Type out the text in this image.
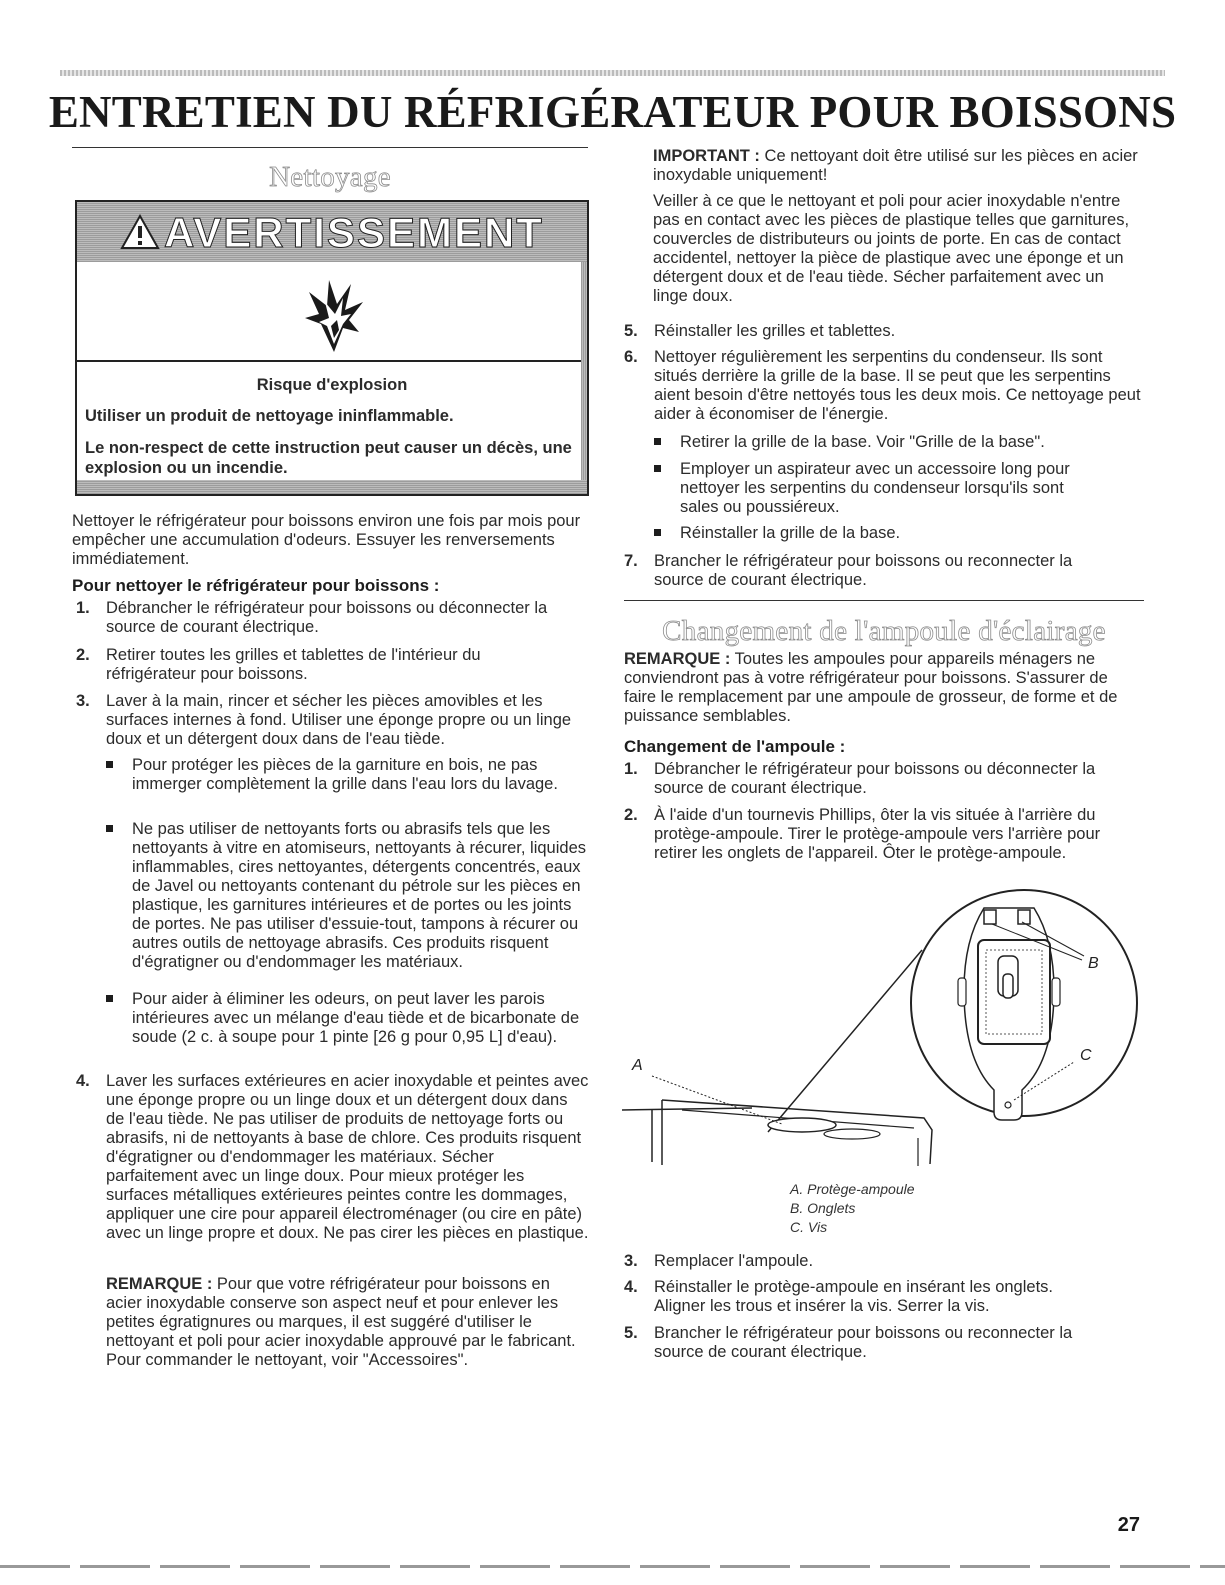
ENTRETIEN DU RÉFRIGÉRATEUR POUR BOISSONS
Nettoyage
AVERTISSEMENT
Risque d'explosion
Utiliser un produit de nettoyage ininflammable.
Le non-respect de cette instruction peut causer un décès, une explosion ou un incendie.
Nettoyer le réfrigérateur pour boissons environ une fois par mois pour empêcher une accumulation d'odeurs. Essuyer les renversements immédiatement.
Pour nettoyer le réfrigérateur pour boissons :
1. Débrancher le réfrigérateur pour boissons ou déconnecter la source de courant électrique.
2. Retirer toutes les grilles et tablettes de l'intérieur du réfrigérateur pour boissons.
3. Laver à la main, rincer et sécher les pièces amovibles et les surfaces internes à fond. Utiliser une éponge propre ou un linge doux et un détergent doux dans de l'eau tiède.
Pour protéger les pièces de la garniture en bois, ne pas immerger complètement la grille dans l'eau lors du lavage.
Ne pas utiliser de nettoyants forts ou abrasifs tels que les nettoyants à vitre en atomiseurs, nettoyants à récurer, liquides inflammables, cires nettoyantes, détergents concentrés, eaux de Javel ou nettoyants contenant du pétrole sur les pièces en plastique, les garnitures intérieures et de portes ou les joints de portes. Ne pas utiliser d'essuie-tout, tampons à récurer ou autres outils de nettoyage abrasifs. Ces produits risquent d'égratigner ou d'endommager les matériaux.
Pour aider à éliminer les odeurs, on peut laver les parois intérieures avec un mélange d'eau tiède et de bicarbonate de soude (2 c. à soupe pour 1 pinte [26 g pour 0,95 L] d'eau).
4. Laver les surfaces extérieures en acier inoxydable et peintes avec une éponge propre ou un linge doux et un détergent doux dans de l'eau tiède. Ne pas utiliser de produits de nettoyage forts ou abrasifs, ni de nettoyants à base de chlore. Ces produits risquent d'égratigner ou d'endommager les matériaux. Sécher parfaitement avec un linge doux. Pour mieux protéger les surfaces métalliques extérieures peintes contre les dommages, appliquer une cire pour appareil électroménager (ou cire en pâte) avec un linge propre et doux. Ne pas cirer les pièces en plastique.
REMARQUE : Pour que votre réfrigérateur pour boissons en acier inoxydable conserve son aspect neuf et pour enlever les petites égratignures ou marques, il est suggéré d'utiliser le nettoyant et poli pour acier inoxydable approuvé par le fabricant. Pour commander le nettoyant, voir "Accessoires".
IMPORTANT : Ce nettoyant doit être utilisé sur les pièces en acier inoxydable uniquement!
Veiller à ce que le nettoyant et poli pour acier inoxydable n'entre pas en contact avec les pièces de plastique telles que garnitures, couvercles de distributeurs ou joints de porte. En cas de contact accidentel, nettoyer la pièce de plastique avec une éponge et un détergent doux et de l'eau tiède. Sécher parfaitement avec un linge doux.
5. Réinstaller les grilles et tablettes.
6. Nettoyer régulièrement les serpentins du condenseur. Ils sont situés derrière la grille de la base. Il se peut que les serpentins aient besoin d'être nettoyés tous les deux mois. Ce nettoyage peut aider à économiser de l'énergie.
Retirer la grille de la base. Voir "Grille de la base".
Employer un aspirateur avec un accessoire long pour nettoyer les serpentins du condenseur lorsqu'ils sont sales ou poussiéreux.
Réinstaller la grille de la base.
7. Brancher le réfrigérateur pour boissons ou reconnecter la source de courant électrique.
Changement de l'ampoule d'éclairage
REMARQUE : Toutes les ampoules pour appareils ménagers ne conviendront pas à votre réfrigérateur pour boissons. S'assurer de faire le remplacement par une ampoule de grosseur, de forme et de puissance semblables.
Changement de l'ampoule :
1. Débrancher le réfrigérateur pour boissons ou déconnecter la source de courant électrique.
2. À l'aide d'un tournevis Phillips, ôter la vis située à l'arrière du protège-ampoule. Tirer le protège-ampoule vers l'arrière pour retirer les onglets de l'appareil. Ôter le protège-ampoule.
A
B
C
A. Protège-ampoule
B. Onglets
C. Vis
3. Remplacer l'ampoule.
4. Réinstaller le protège-ampoule en insérant les onglets. Aligner les trous et insérer la vis. Serrer la vis.
5. Brancher le réfrigérateur pour boissons ou reconnecter la source de courant électrique.
27
